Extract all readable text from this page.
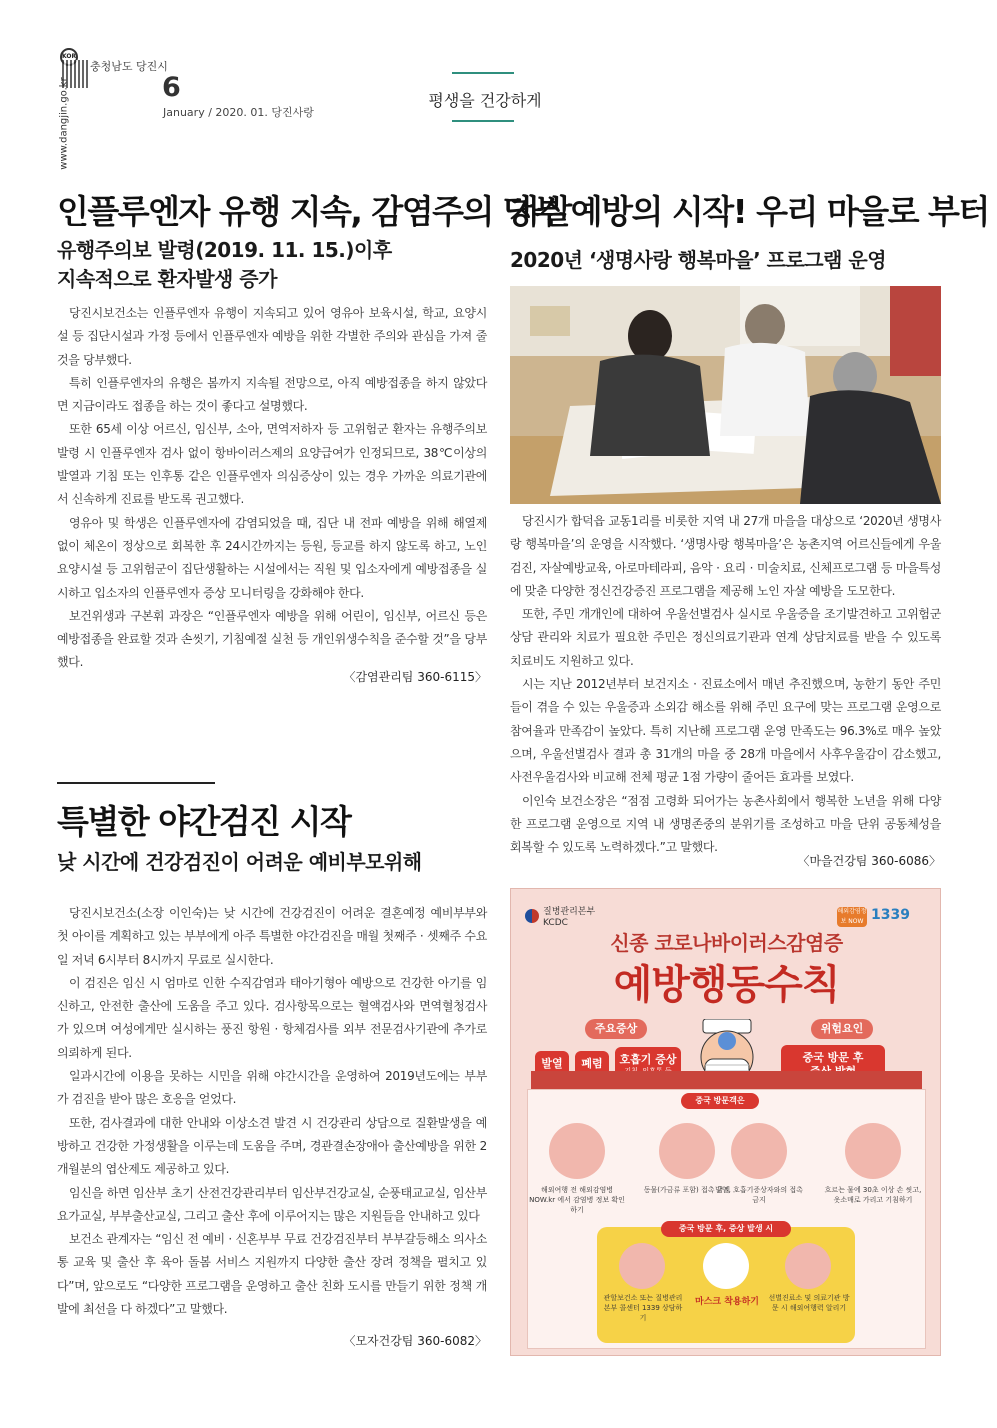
KOR
www.dangjin.go.kr
충청남도 당진시
6
January / 2020. 01. 당진사랑
평생을 건강하게
인플루엔자 유행 지속, 감염주의 당부
유행주의보 발령(2019. 11. 15.)이후
지속적으로 환자발생 증가

당진시보건소는 인플루엔자 유행이 지속되고 있어 영유아 보육시설, 학교, 요양시설 등 집단시설과 가정 등에서 인플루엔자 예방을 위한 각별한 주의와 관심을 가져 줄 것을 당부했다.

특히 인플루엔자의 유행은 봄까지 지속될 전망으로, 아직 예방접종을 하지 않았다면 지금이라도 접종을 하는 것이 좋다고 설명했다.

또한 65세 이상 어르신, 임신부, 소아, 면역저하자 등 고위험군 환자는 유행주의보 발령 시 인플루엔자 검사 없이 항바이러스제의 요양급여가 인정되므로, 38℃이상의 발열과 기침 또는 인후통 같은 인플루엔자 의심증상이 있는 경우 가까운 의료기관에서 신속하게 진료를 받도록 권고했다.

영유아 및 학생은 인플루엔자에 감염되었을 때, 집단 내 전파 예방을 위해 해열제 없이 체온이 정상으로 회복한 후 24시간까지는 등원, 등교를 하지 않도록 하고, 노인요양시설 등 고위험군이 집단생활하는 시설에서는 직원 및 입소자에게 예방접종을 실시하고 입소자의 인플루엔자 증상 모니터링을 강화해야 한다.

보건위생과 구본휘 과장은 “인플루엔자 예방을 위해 어린이, 임신부, 어르신 등은 예방접종을 완료할 것과 손씻기, 기침예절 실천 등 개인위생수칙을 준수할 것”을 당부했다.

〈감염관리팀 360-6115〉
특별한 야간검진 시작
낮 시간에 건강검진이 어려운 예비부모위해

당진시보건소(소장 이인숙)는 낮 시간에 건강검진이 어려운 결혼예정 예비부부와 첫 아이를 계획하고 있는 부부에게 아주 특별한 야간검진을 매월 첫째주 · 셋째주 수요일 저녁 6시부터 8시까지 무료로 실시한다.

이 검진은 임신 시 엄마로 인한 수직감염과 태아기형아 예방으로 건강한 아기를 임신하고, 안전한 출산에 도움을 주고 있다. 검사항목으로는 혈액검사와 면역혈청검사가 있으며 여성에게만 실시하는 풍진 항원 · 항체검사를 외부 전문검사기관에 추가로 의뢰하게 된다.

일과시간에 이용을 못하는 시민을 위해 야간시간을 운영하여 2019년도에는 부부가 검진을 받아 많은 호응을 얻었다.

또한, 검사결과에 대한 안내와 이상소견 발견 시 건강관리 상담으로 질환발생을 예방하고 건강한 가정생활을 이루는데 도움을 주며, 경관결손장애아 출산예방을 위한 2개월분의 엽산제도 제공하고 있다.

임신을 하면 임산부 초기 산전건강관리부터 임산부건강교실, 순풍태교교실, 임산부 요가교실, 부부출산교실, 그리고 출산 후에 이루어지는 많은 지원들을 안내하고 있다

보건소 관계자는 “임신 전 예비 · 신혼부부 무료 건강검진부터 부부갈등해소 의사소통 교육 및 출산 후 육아 돌봄 서비스 지원까지 다양한 출산 장려 정책을 펼치고 있다”며, 앞으로도 “다양한 프로그램을 운영하고 출산 친화 도시를 만들기 위한 정책 개발에 최선을 다 하겠다”고 말했다.

〈모자건강팀 360-6082〉
자살예방의 시작! 우리 마을로 부터
2020년 ‘생명사랑 행복마을’ 프로그램 운영

당진시가 합덕읍 교동1리를 비롯한 지역 내 27개 마을을 대상으로 ‘2020년 생명사랑 행복마을’의 운영을 시작했다. ‘생명사랑 행복마을’은 농촌지역 어르신들에게 우울검진, 자살예방교육, 아로마테라피, 음악 · 요리 · 미술치료, 신체프로그램 등 마을특성에 맞춘 다양한 정신건강증진 프로그램을 제공해 노인 자살 예방을 도모한다.

또한, 주민 개개인에 대하여 우울선별검사 실시로 우울증을 조기발견하고 고위험군 상담 관리와 치료가 필요한 주민은 정신의료기관과 연계 상담치료를 받을 수 있도록 치료비도 지원하고 있다.

시는 지난 2012년부터 보건지소 · 진료소에서 매년 추진했으며, 농한기 동안 주민들이 겪을 수 있는 우울증과 소외감 해소를 위해 주민 요구에 맞는 프로그램 운영으로 참여율과 만족감이 높았다. 특히 지난해 프로그램 운영 만족도는 96.3%로 매우 높았으며, 우울선별검사 결과 총 31개의 마을 중 28개 마을에서 사후우울감이 감소했고, 사전우울검사와 비교해 전체 평균 1점 가량이 줄어든 효과를 보였다.

이인숙 보건소장은 “점점 고령화 되어가는 농촌사회에서 행복한 노년을 위해 다양한 프로그램 운영으로 지역 내 생명존중의 분위기를 조성하고 마을 단위 공동체성을 회복할 수 있도록 노력하겠다.”고 말했다.

〈마을건강팀 360-6086〉
질병관리본부
KCDC
해외감염정보 NOW 1339
신종 코로나바이러스감염증
예방행동수칙
주요증상	위험요인
발열	폐렴	호흡기 증상	중국 방문 후
중국 방문객은
해외여행 전 해외감염병NOW.kr 에서 감염병 정보 확인하기
동물(가금류 포함) 접촉 금지
발열, 호흡기증상자와의 접촉 금지
흐르는 물에 30초 이상 손 씻고, 옷소매로 가리고 기침하기
중국 방문 후, 증상 발생 시
관할보건소 또는 질병관리본부 콜센터 1339 상담하기
마스크 착용하기	선별진료소 및 의료기관 방문 시 해외여행력 알리기
